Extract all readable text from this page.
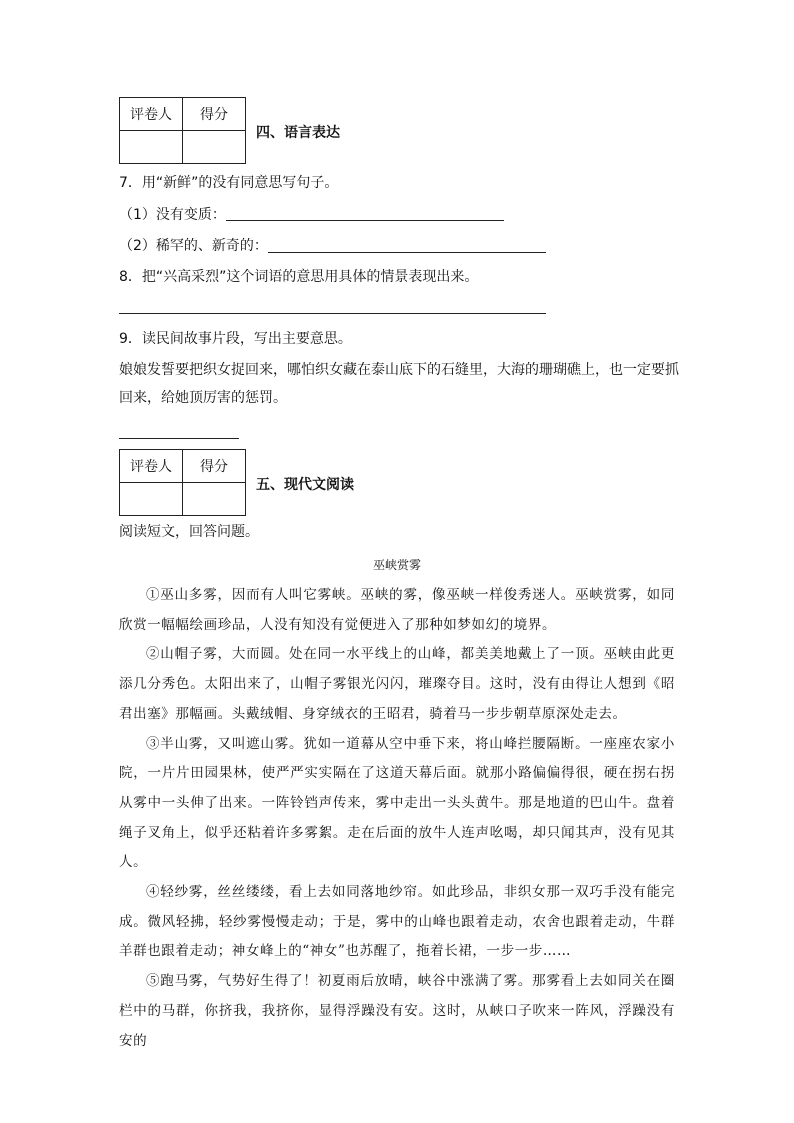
评卷人	得分

四、语言表达
7．用“新鲜”的没有同意思写句子。
（1）没有变质：
（2）稀罕的、新奇的：
8．把“兴高采烈”这个词语的意思用具体的情景表现出来。
9．读民间故事片段，写出主要意思。
娘娘发誓要把织女捉回来，哪怕织女藏在泰山底下的石缝里，大海的珊瑚礁上，也一定要抓
回来，给她顶厉害的惩罚。
评卷人	得分

五、现代文阅读
阅读短文，回答问题。
巫峡赏雾

①巫山多雾，因而有人叫它雾峡。巫峡的雾，像巫峡一样俊秀迷人。巫峡赏雾，如同欣赏一幅幅绘画珍品，人没有知没有觉便进入了那种如梦如幻的境界。

②山帽子雾，大而圆。处在同一水平线上的山峰，都美美地戴上了一顶。巫峡由此更添几分秀色。太阳出来了，山帽子雾银光闪闪，璀璨夺目。这时，没有由得让人想到《昭君出塞》那幅画。头戴绒帽、身穿绒衣的王昭君，骑着马一步步朝草原深处走去。

③半山雾，又叫遮山雾。犹如一道幕从空中垂下来，将山峰拦腰隔断。一座座农家小院，一片片田园果林，使严严实实隔在了这道天幕后面。就那小路偏偏得很，硬在拐右拐从雾中一头伸了出来。一阵铃铛声传来，雾中走出一头头黄牛。那是地道的巴山牛。盘着绳子叉角上，似乎还粘着许多雾絮。走在后面的放牛人连声吆喝，却只闻其声，没有见其人。

④轻纱雾，丝丝缕缕，看上去如同落地纱帘。如此珍品，非织女那一双巧手没有能完成。微风轻拂，轻纱雾慢慢走动；于是，雾中的山峰也跟着走动，农舍也跟着走动，牛群羊群也跟着走动；神女峰上的“神女”也苏醒了，拖着长裙，一步一步……

⑤跑马雾，气势好生得了！初夏雨后放晴，峡谷中涨满了雾。那雾看上去如同关在圈栏中的马群，你挤我，我挤你，显得浮躁没有安。这时，从峡口子吹来一阵风，浮躁没有安的
